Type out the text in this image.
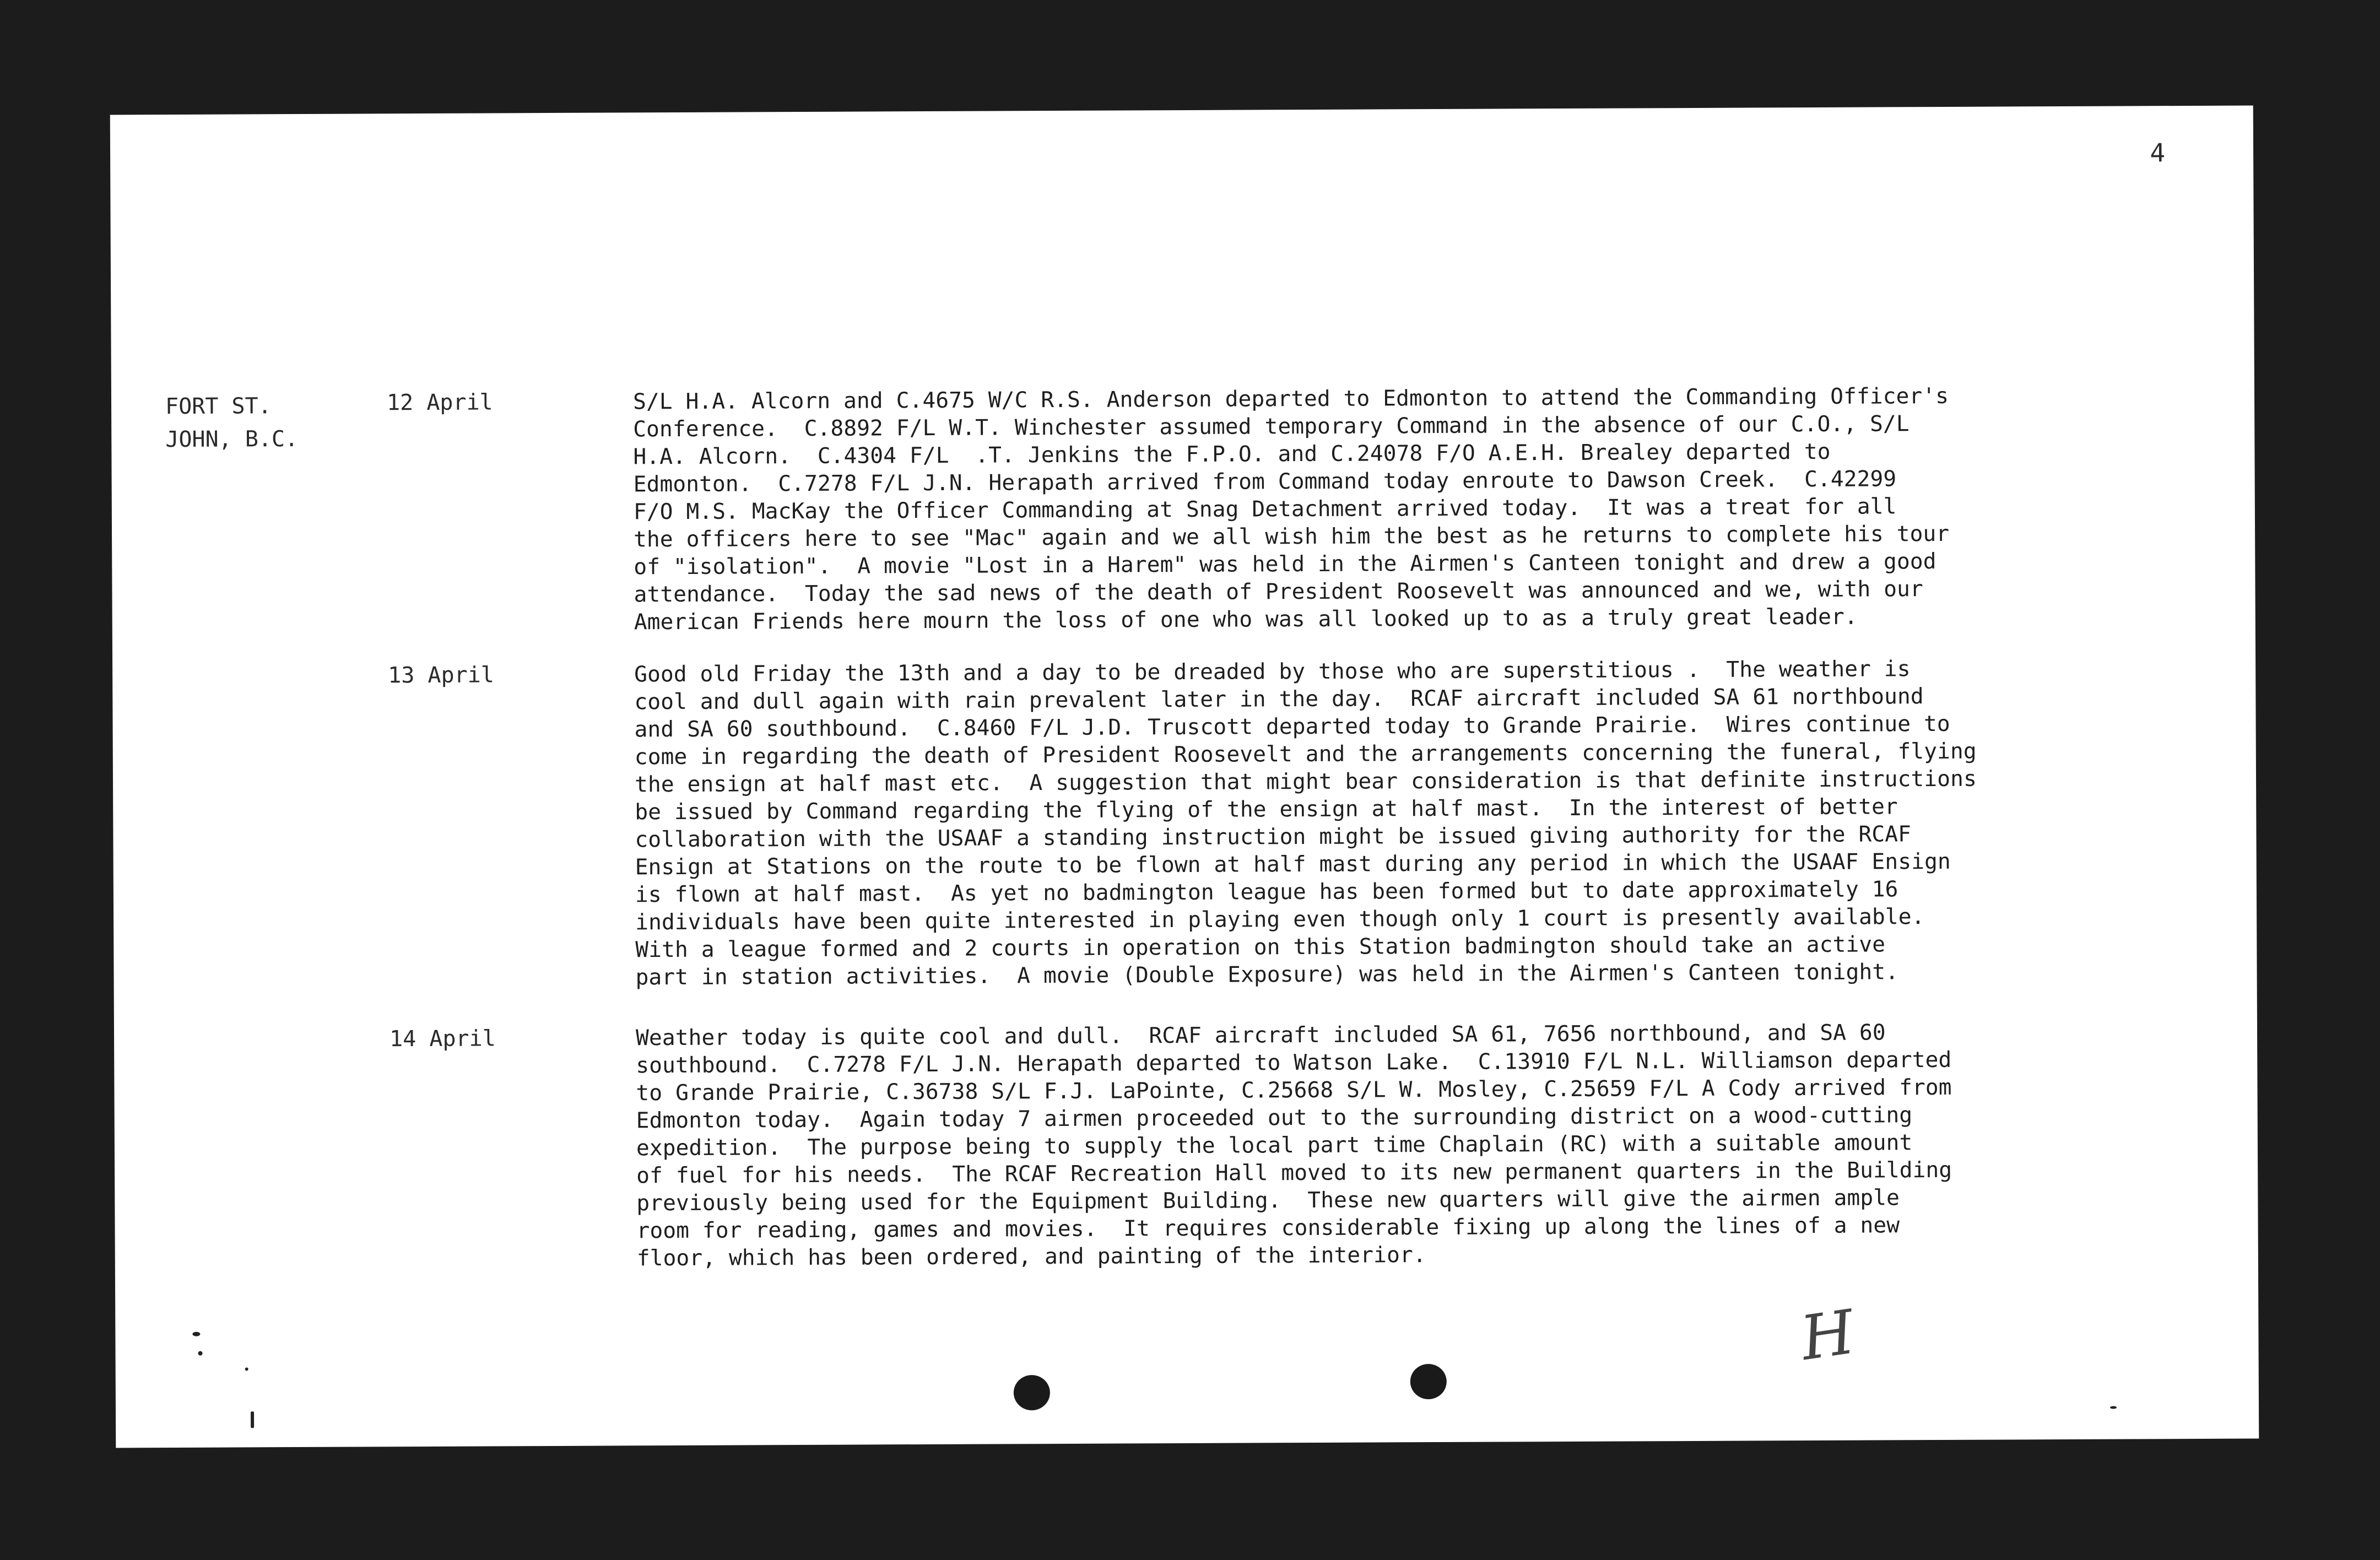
4
FORT ST.
JOHN, B.C.
12 April	S/L H.A. Alcorn and C.4675 W/C R.S. Anderson departed to Edmonton to attend the Commanding Officer's
Conference.  C.8892 F/L W.T. Winchester assumed temporary Command in the absence of our C.O., S/L
H.A. Alcorn.  C.4304 F/L  .T. Jenkins the F.P.O. and C.24078 F/O A.E.H. Brealey departed to
Edmonton.  C.7278 F/L J.N. Herapath arrived from Command today enroute to Dawson Creek.  C.42299
F/O M.S. MacKay the Officer Commanding at Snag Detachment arrived today.  It was a treat for all
the officers here to see "Mac" again and we all wish him the best as he returns to complete his tour
of "isolation".  A movie "Lost in a Harem" was held in the Airmen's Canteen tonight and drew a good
attendance.  Today the sad news of the death of President Roosevelt was announced and we, with our
American Friends here mourn the loss of one who was all looked up to as a truly great leader.
13 April	Good old Friday the 13th and a day to be dreaded by those who are superstitious .  The weather is
cool and dull again with rain prevalent later in the day.  RCAF aircraft included SA 61 northbound
and SA 60 southbound.  C.8460 F/L J.D. Truscott departed today to Grande Prairie.  Wires continue to
come in regarding the death of President Roosevelt and the arrangements concerning the funeral, flying
the ensign at half mast etc.  A suggestion that might bear consideration is that definite instructions
be issued by Command regarding the flying of the ensign at half mast.  In the interest of better
collaboration with the USAAF a standing instruction might be issued giving authority for the RCAF
Ensign at Stations on the route to be flown at half mast during any period in which the USAAF Ensign
is flown at half mast.  As yet no badmington league has been formed but to date approximately 16
individuals have been quite interested in playing even though only 1 court is presently available.
With a league formed and 2 courts in operation on this Station badmington should take an active
part in station activities.  A movie (Double Exposure) was held in the Airmen's Canteen tonight.
14 April	Weather today is quite cool and dull.  RCAF aircraft included SA 61, 7656 northbound, and SA 60
southbound.  C.7278 F/L J.N. Herapath departed to Watson Lake.  C.13910 F/L N.L. Williamson departed
to Grande Prairie, C.36738 S/L F.J. LaPointe, C.25668 S/L W. Mosley, C.25659 F/L A Cody arrived from
Edmonton today.  Again today 7 airmen proceeded out to the surrounding district on a wood-cutting
expedition.  The purpose being to supply the local part time Chaplain (RC) with a suitable amount
of fuel for his needs.  The RCAF Recreation Hall moved to its new permanent quarters in the Building
previously being used for the Equipment Building.  These new quarters will give the airmen ample
room for reading, games and movies.  It requires considerable fixing up along the lines of a new
floor, which has been ordered, and painting of the interior.
H
